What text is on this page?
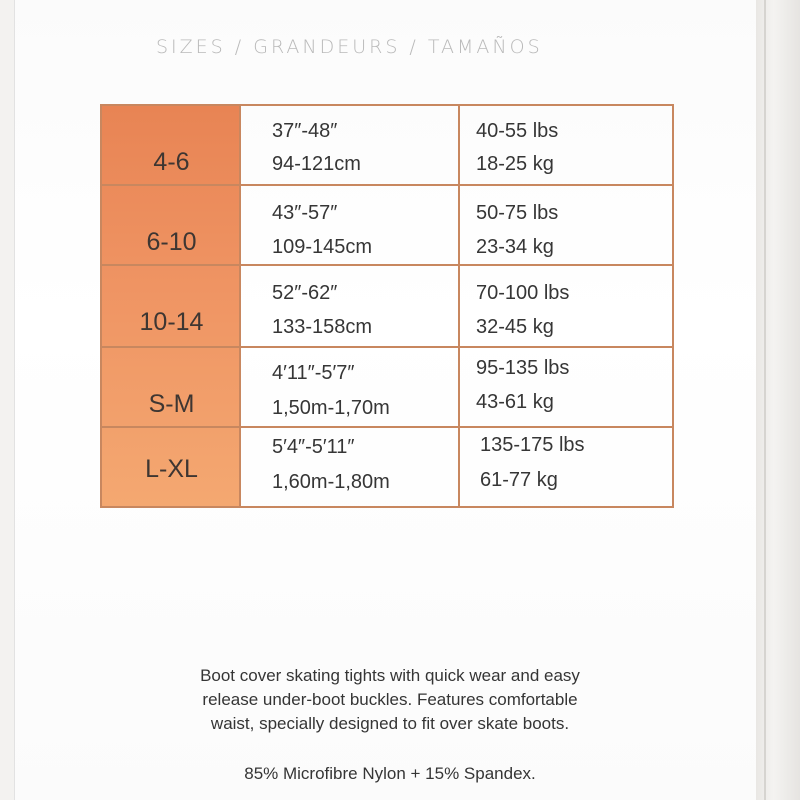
SIZES / GRANDEURS / TAMAÑOS
4-6
37″-48″
94-121cm
40-55 lbs
18-25 kg
6-10
43″-57″
109-145cm
50-75 lbs
23-34 kg
10-14
52″-62″
133-158cm
70-100 lbs
32-45 kg
S-M
4′11″-5′7″
1,50m-1,70m
95-135 lbs
43-61 kg
L-XL
5′4″-5′11″
1,60m-1,80m
135-175 lbs
61-77 kg
Boot cover skating tights with quick wear and easy
release under-boot buckles. Features comfortable
waist, specially designed to fit over skate boots.
85% Microfibre Nylon + 15% Spandex.
